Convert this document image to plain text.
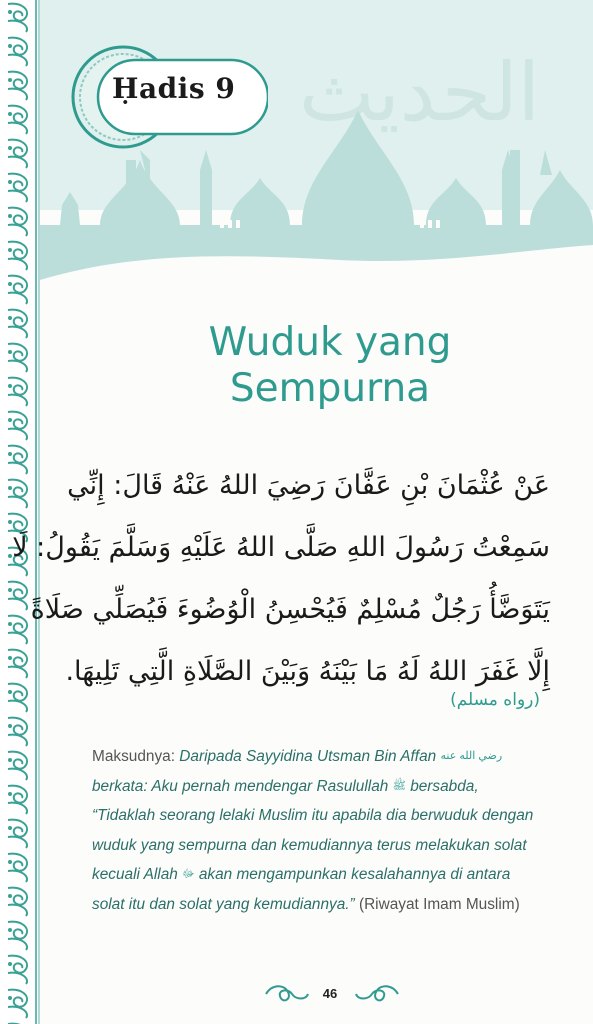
الحديث
Ḥadis 9
Wuduk yang
Sempurna
عَنْ عُثْمَانَ بْنِ عَفَّانَ رَضِيَ اللهُ عَنْهُ قَالَ: إِنِّي
سَمِعْتُ رَسُولَ اللهِ صَلَّى اللهُ عَلَيْهِ وَسَلَّمَ يَقُولُ: لَا
يَتَوَضَّأُ رَجُلٌ مُسْلِمٌ فَيُحْسِنُ الْوُضُوءَ فَيُصَلِّي صَلَاةً
إِلَّا غَفَرَ اللهُ لَهُ مَا بَيْنَهُ وَبَيْنَ الصَّلَاةِ الَّتِي تَلِيهَا.
(رواه مسلم)
Maksudnya: Daripada Sayyidina Utsman Bin Affan رضي الله عنه berkata: Aku pernah mendengar Rasulullah ﷺ bersabda, “Tidaklah seorang lelaki Muslim itu apabila dia berwuduk dengan wuduk yang sempurna dan kemudiannya terus melakukan solat kecuali Allah ﷻ akan mengampunkan kesalahannya di antara solat itu dan solat yang kemudiannya.” (Riwayat Imam Muslim)
46
